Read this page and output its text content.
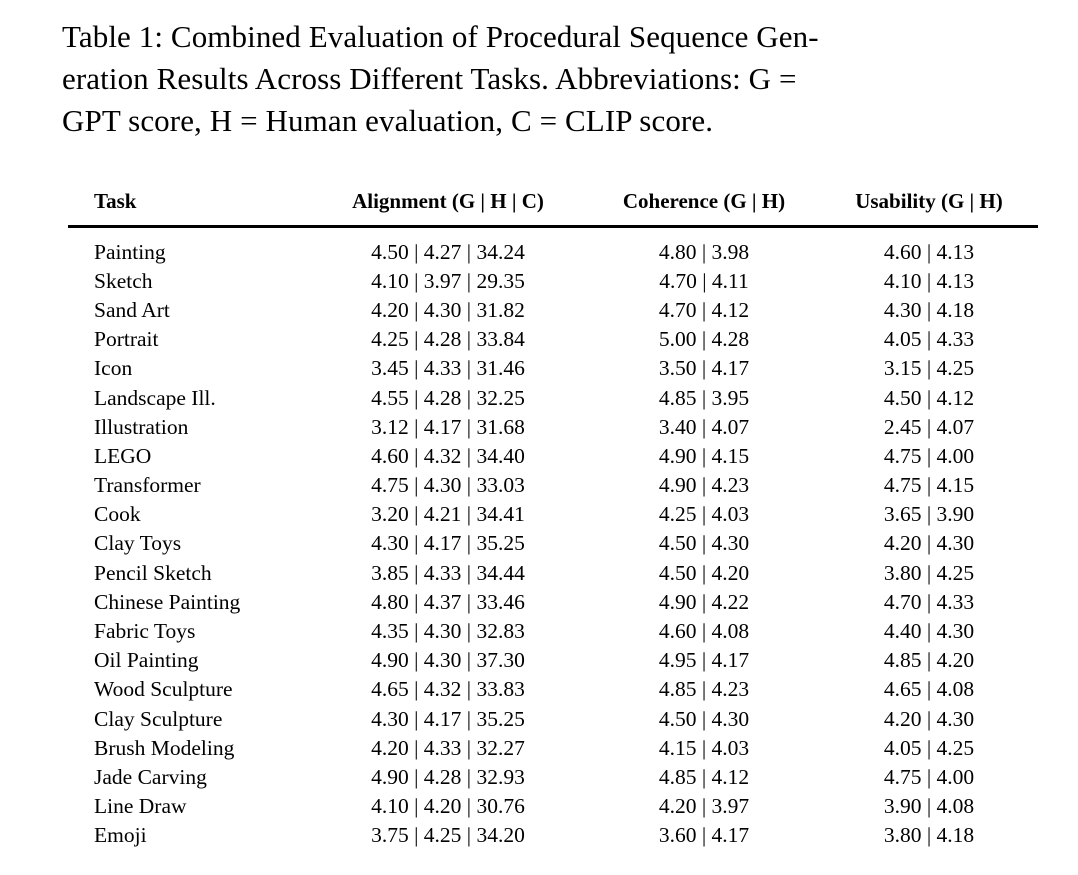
Table 1: Combined Evaluation of Procedural Sequence Gen-
eration Results Across Different Tasks. Abbreviations: G =
GPT score, H = Human evaluation, C = CLIP score.

Task	Alignment (G | H | C)	Coherence (G | H)	Usability (G | H)

Painting	4.50 | 4.27 | 34.24	4.80 | 3.98	4.60 | 4.13
Sketch	4.10 | 3.97 | 29.35	4.70 | 4.11	4.10 | 4.13
Sand Art	4.20 | 4.30 | 31.82	4.70 | 4.12	4.30 | 4.18
Portrait	4.25 | 4.28 | 33.84	5.00 | 4.28	4.05 | 4.33
Icon	3.45 | 4.33 | 31.46	3.50 | 4.17	3.15 | 4.25
Landscape Ill.	4.55 | 4.28 | 32.25	4.85 | 3.95	4.50 | 4.12
Illustration	3.12 | 4.17 | 31.68	3.40 | 4.07	2.45 | 4.07
LEGO	4.60 | 4.32 | 34.40	4.90 | 4.15	4.75 | 4.00
Transformer	4.75 | 4.30 | 33.03	4.90 | 4.23	4.75 | 4.15
Cook	3.20 | 4.21 | 34.41	4.25 | 4.03	3.65 | 3.90
Clay Toys	4.30 | 4.17 | 35.25	4.50 | 4.30	4.20 | 4.30
Pencil Sketch	3.85 | 4.33 | 34.44	4.50 | 4.20	3.80 | 4.25
Chinese Painting	4.80 | 4.37 | 33.46	4.90 | 4.22	4.70 | 4.33
Fabric Toys	4.35 | 4.30 | 32.83	4.60 | 4.08	4.40 | 4.30
Oil Painting	4.90 | 4.30 | 37.30	4.95 | 4.17	4.85 | 4.20
Wood Sculpture	4.65 | 4.32 | 33.83	4.85 | 4.23	4.65 | 4.08
Clay Sculpture	4.30 | 4.17 | 35.25	4.50 | 4.30	4.20 | 4.30
Brush Modeling	4.20 | 4.33 | 32.27	4.15 | 4.03	4.05 | 4.25
Jade Carving	4.90 | 4.28 | 32.93	4.85 | 4.12	4.75 | 4.00
Line Draw	4.10 | 4.20 | 30.76	4.20 | 3.97	3.90 | 4.08
Emoji	3.75 | 4.25 | 34.20	3.60 | 4.17	3.80 | 4.18
